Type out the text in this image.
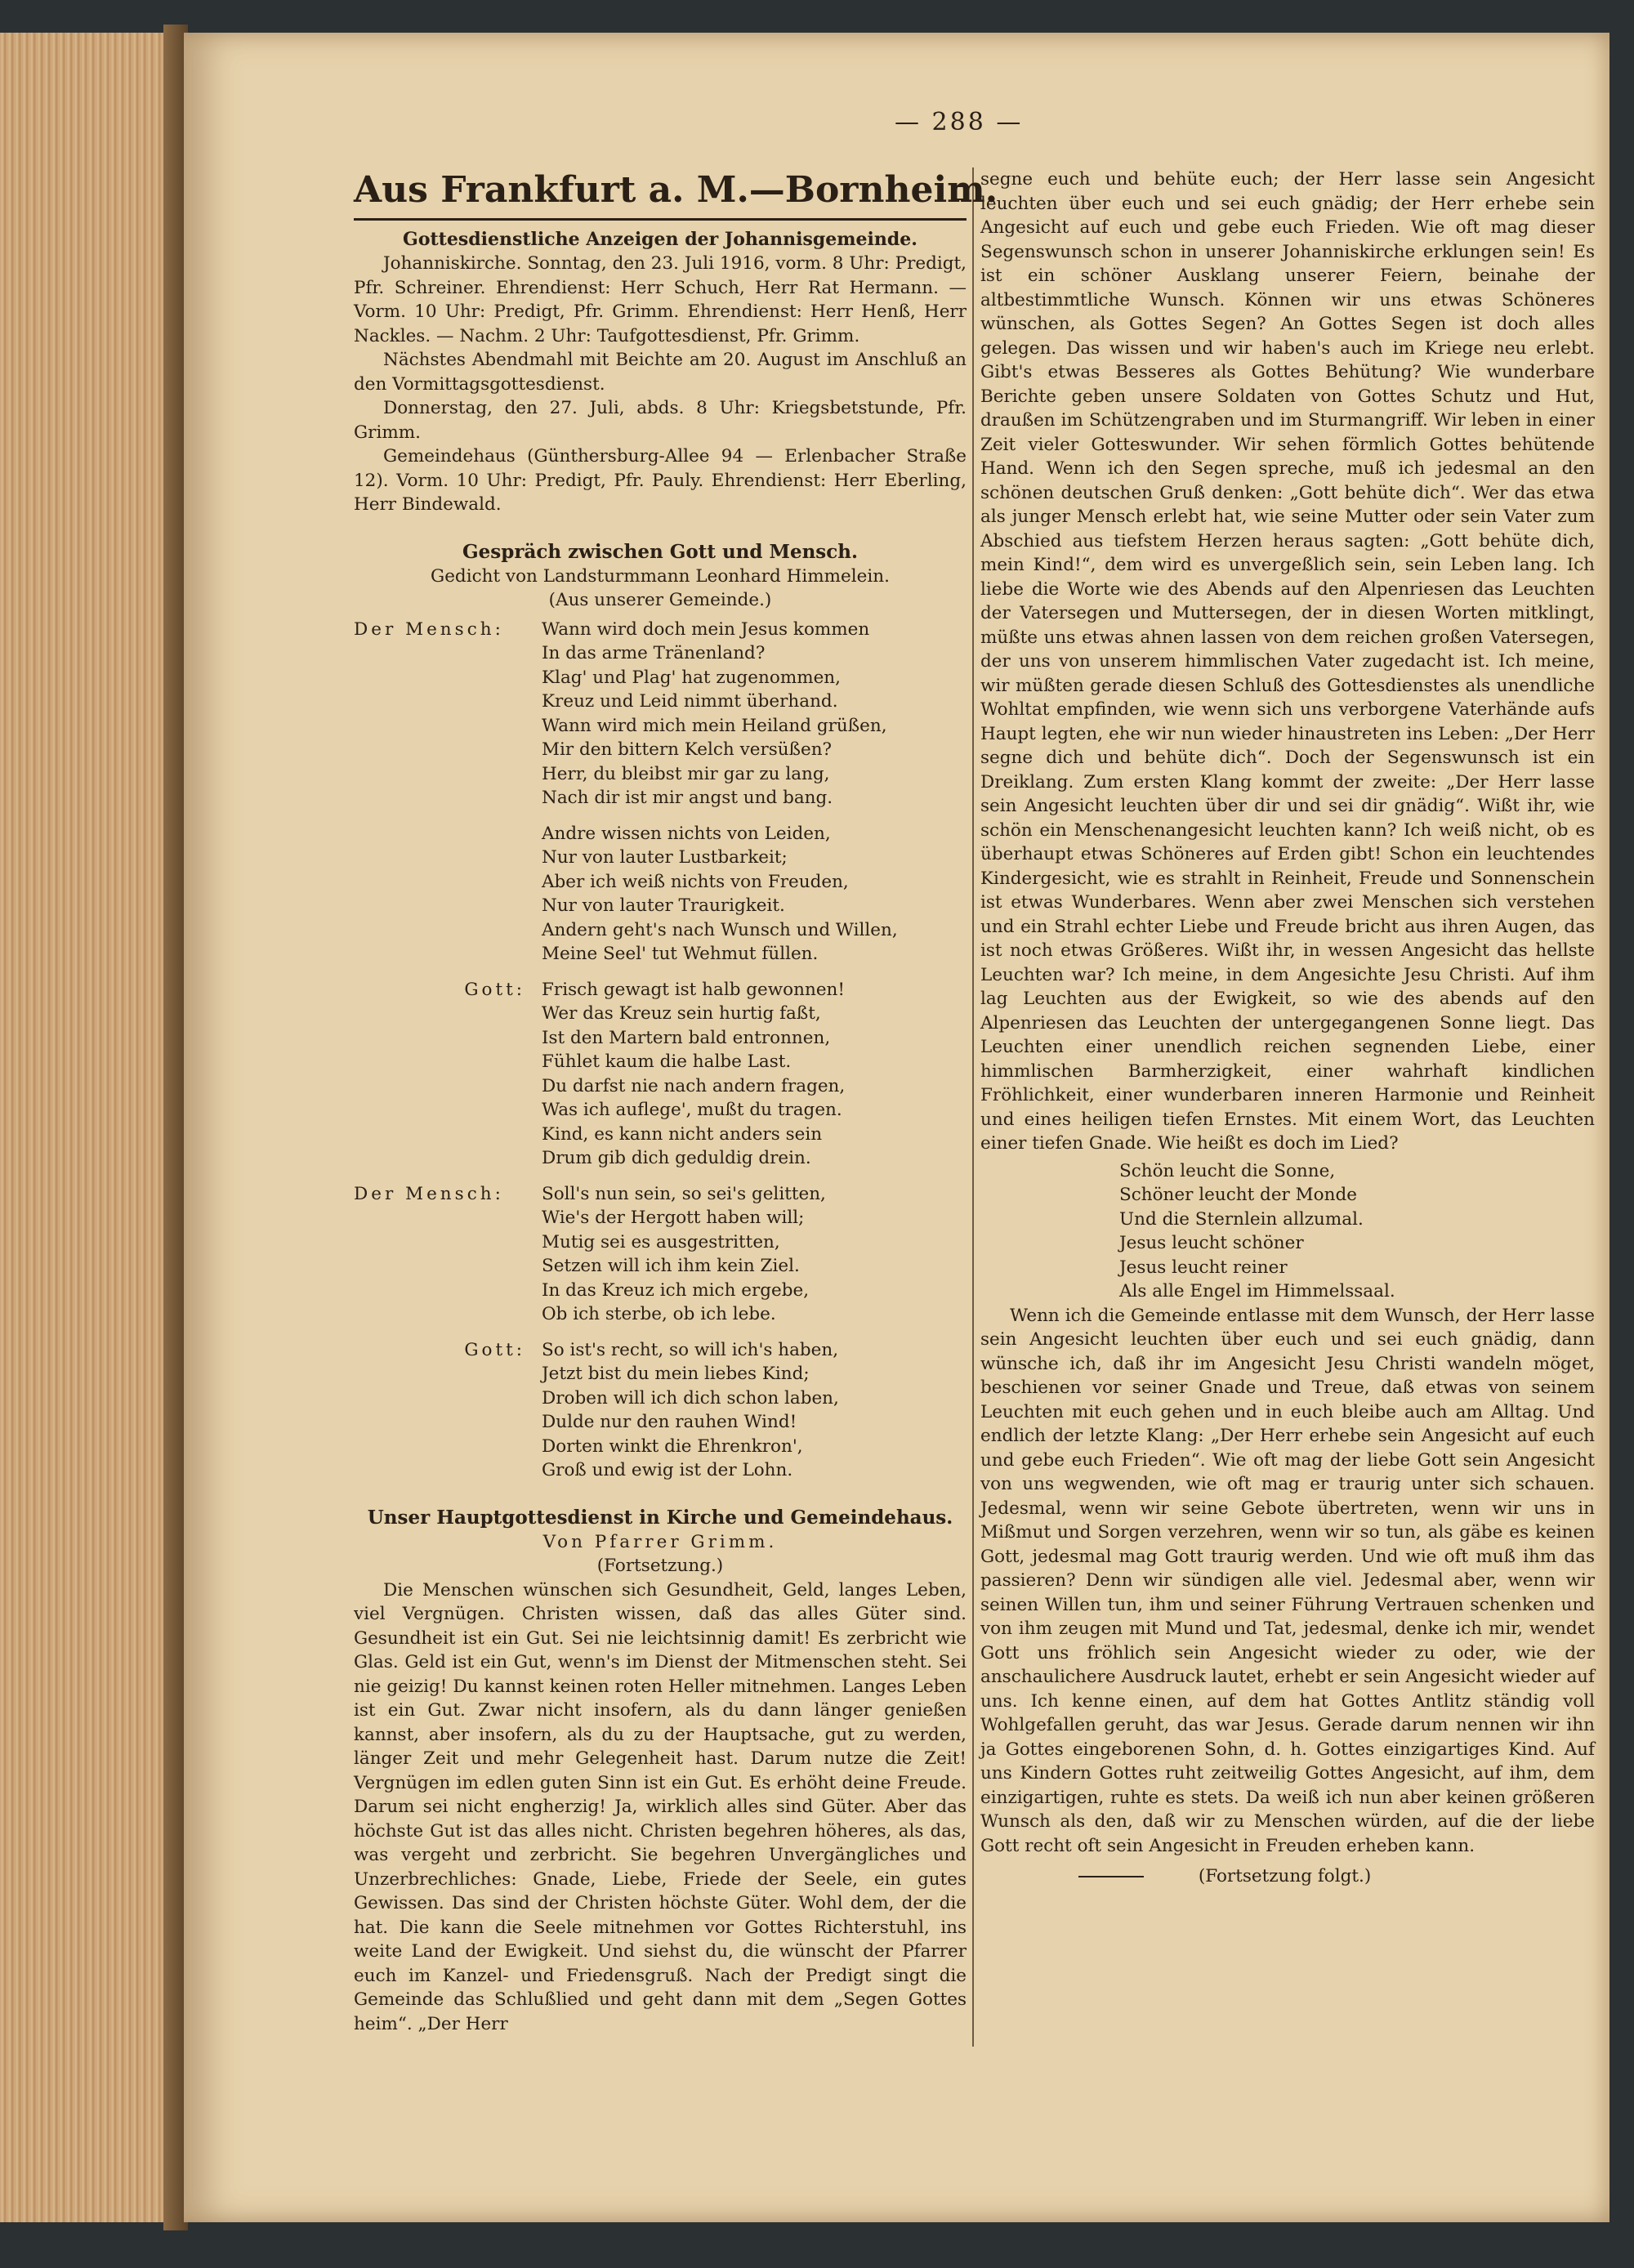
— 288 —
Aus Frankfurt a. M.—Bornheim.
Gottesdienstliche Anzeigen der Johannisgemeinde.

Johanniskirche. Sonntag, den 23. Juli 1916, vorm. 8 Uhr: Predigt, Pfr. Schreiner. Ehrendienst: Herr Schuch, Herr Rat Hermann. — Vorm. 10 Uhr: Predigt, Pfr. Grimm. Ehrendienst: Herr Henß, Herr Nackles. — Nachm. 2 Uhr: Taufgottesdienst, Pfr. Grimm.

Nächstes Abendmahl mit Beichte am 20. August im Anschluß an den Vormittagsgottesdienst.

Donnerstag, den 27. Juli, abds. 8 Uhr: Kriegsbetstunde, Pfr. Grimm.

Gemeindehaus (Günthersburg-Allee 94 — Erlenbacher Straße 12). Vorm. 10 Uhr: Predigt, Pfr. Pauly. Ehrendienst: Herr Eberling, Herr Bindewald.

Gespräch zwischen Gott und Mensch.
Gedicht von Landsturmmann Leonhard Himmelein.
(Aus unserer Gemeinde.)
Der Mensch:	Wann wird doch mein Jesus kommen
In das arme Tränenland?
Klag' und Plag' hat zugenommen,
Kreuz und Leid nimmt überhand.
Wann wird mich mein Heiland grüßen,
Mir den bittern Kelch versüßen?
Herr, du bleibst mir gar zu lang,
Nach dir ist mir angst und bang.
Andre wissen nichts von Leiden,
Nur von lauter Lustbarkeit;
Aber ich weiß nichts von Freuden,
Nur von lauter Traurigkeit.
Andern geht's nach Wunsch und Willen,
Meine Seel' tut Wehmut füllen.
Gott: Frisch gewagt ist halb gewonnen!
Wer das Kreuz sein hurtig faßt,
Ist den Martern bald entronnen,
Fühlet kaum die halbe Last.
Du darfst nie nach andern fragen,
Was ich auflege', mußt du tragen.
Kind, es kann nicht anders sein
Drum gib dich geduldig drein.
Der Mensch:	Soll's nun sein, so sei's gelitten,
Wie's der Hergott haben will;
Mutig sei es ausgestritten,
Setzen will ich ihm kein Ziel.
In das Kreuz ich mich ergebe,
Ob ich sterbe, ob ich lebe.
Gott: So ist's recht, so will ich's haben,
Jetzt bist du mein liebes Kind;
Droben will ich dich schon laben,
Dulde nur den rauhen Wind!
Dorten winkt die Ehrenkron',
Groß und ewig ist der Lohn.
Unser Hauptgottesdienst in Kirche und Gemeindehaus.
Von Pfarrer Grimm.
(Fortsetzung.)

Die Menschen wünschen sich Gesundheit, Geld, langes Leben, viel Vergnügen. Christen wissen, daß das alles Güter sind. Gesundheit ist ein Gut. Sei nie leichtsinnig damit! Es zerbricht wie Glas. Geld ist ein Gut, wenn's im Dienst der Mitmenschen steht. Sei nie geizig! Du kannst keinen roten Heller mitnehmen. Langes Leben ist ein Gut. Zwar nicht insofern, als du dann länger genießen kannst, aber insofern, als du zu der Hauptsache, gut zu werden, länger Zeit und mehr Gelegenheit hast. Darum nutze die Zeit! Vergnügen im edlen guten Sinn ist ein Gut. Es erhöht deine Freude. Darum sei nicht engherzig! Ja, wirklich alles sind Güter. Aber das höchste Gut ist das alles nicht. Christen begehren höheres, als das, was vergeht und zerbricht. Sie begehren Unvergängliches und Unzerbrechliches: Gnade, Liebe, Friede der Seele, ein gutes Gewissen. Das sind der Christen höchste Güter. Wohl dem, der die hat. Die kann die Seele mitnehmen vor Gottes Richterstuhl, ins weite Land der Ewigkeit. Und siehst du, die wünscht der Pfarrer euch im Kanzel- und Friedensgruß. Nach der Predigt singt die Gemeinde das Schlußlied und geht dann mit dem „Segen Gottes heim“. „Der Herr

segne euch und behüte euch; der Herr lasse sein Angesicht leuchten über euch und sei euch gnädig; der Herr erhebe sein Angesicht auf euch und gebe euch Frieden. Wie oft mag dieser Segenswunsch schon in unserer Johanniskirche erklungen sein! Es ist ein schöner Ausklang unserer Feiern, beinahe der altbestimmtliche Wunsch. Können wir uns etwas Schöneres wünschen, als Gottes Segen? An Gottes Segen ist doch alles gelegen. Das wissen und wir haben's auch im Kriege neu erlebt. Gibt's etwas Besseres als Gottes Behütung? Wie wunderbare Berichte geben unsere Soldaten von Gottes Schutz und Hut, draußen im Schützengraben und im Sturmangriff. Wir leben in einer Zeit vieler Gotteswunder. Wir sehen förmlich Gottes behütende Hand. Wenn ich den Segen spreche, muß ich jedesmal an den schönen deutschen Gruß denken: „Gott behüte dich“. Wer das etwa als junger Mensch erlebt hat, wie seine Mutter oder sein Vater zum Abschied aus tiefstem Herzen heraus sagten: „Gott behüte dich, mein Kind!“, dem wird es unvergeßlich sein, sein Leben lang. Ich liebe die Worte wie des Abends auf den Alpenriesen das Leuchten der Vatersegen und Muttersegen, der in diesen Worten mitklingt, müßte uns etwas ahnen lassen von dem reichen großen Vatersegen, der uns von unserem himmlischen Vater zugedacht ist. Ich meine, wir müßten gerade diesen Schluß des Gottesdienstes als unendliche Wohltat empfinden, wie wenn sich uns verborgene Vaterhände aufs Haupt legten, ehe wir nun wieder hinaustreten ins Leben: „Der Herr segne dich und behüte dich“. Doch der Segenswunsch ist ein Dreiklang. Zum ersten Klang kommt der zweite: „Der Herr lasse sein Angesicht leuchten über dir und sei dir gnädig“. Wißt ihr, wie schön ein Menschenangesicht leuchten kann? Ich weiß nicht, ob es überhaupt etwas Schöneres auf Erden gibt! Schon ein leuchtendes Kindergesicht, wie es strahlt in Reinheit, Freude und Sonnenschein ist etwas Wunderbares. Wenn aber zwei Menschen sich verstehen und ein Strahl echter Liebe und Freude bricht aus ihren Augen, das ist noch etwas Größeres. Wißt ihr, in wessen Angesicht das hellste Leuchten war? Ich meine, in dem Angesichte Jesu Christi. Auf ihm lag Leuchten aus der Ewigkeit, so wie des abends auf den Alpenriesen das Leuchten der untergegangenen Sonne liegt. Das Leuchten einer unendlich reichen segnenden Liebe, einer himmlischen Barmherzigkeit, einer wahrhaft kindlichen Fröhlichkeit, einer wunderbaren inneren Harmonie und Reinheit und eines heiligen tiefen Ernstes. Mit einem Wort, das Leuchten einer tiefen Gnade. Wie heißt es doch im Lied?

Schön leucht die Sonne,
Schöner leucht der Monde
Und die Sternlein allzumal.
Jesus leucht schöner
Jesus leucht reiner
Als alle Engel im Himmelssaal.

Wenn ich die Gemeinde entlasse mit dem Wunsch, der Herr lasse sein Angesicht leuchten über euch und sei euch gnädig, dann wünsche ich, daß ihr im Angesicht Jesu Christi wandeln möget, beschienen vor seiner Gnade und Treue, daß etwas von seinem Leuchten mit euch gehen und in euch bleibe auch am Alltag. Und endlich der letzte Klang: „Der Herr erhebe sein Angesicht auf euch und gebe euch Frieden“. Wie oft mag der liebe Gott sein Angesicht von uns wegwenden, wie oft mag er traurig unter sich schauen. Jedesmal, wenn wir seine Gebote übertreten, wenn wir uns in Mißmut und Sorgen verzehren, wenn wir so tun, als gäbe es keinen Gott, jedesmal mag Gott traurig werden. Und wie oft muß ihm das passieren? Denn wir sündigen alle viel. Jedesmal aber, wenn wir seinen Willen tun, ihm und seiner Führung Vertrauen schenken und von ihm zeugen mit Mund und Tat, jedesmal, denke ich mir, wendet Gott uns fröhlich sein Angesicht wieder zu oder, wie der anschaulichere Ausdruck lautet, erhebt er sein Angesicht wieder auf uns. Ich kenne einen, auf dem hat Gottes Antlitz ständig voll Wohlgefallen geruht, das war Jesus. Gerade darum nennen wir ihn ja Gottes eingeborenen Sohn, d. h. Gottes einzigartiges Kind. Auf uns Kindern Gottes ruht zeitweilig Gottes Angesicht, auf ihm, dem einzigartigen, ruhte es stets. Da weiß ich nun aber keinen größeren Wunsch als den, daß wir zu Menschen würden, auf die der liebe Gott recht oft sein Angesicht in Freuden erheben kann.

(Fortsetzung folgt.)
